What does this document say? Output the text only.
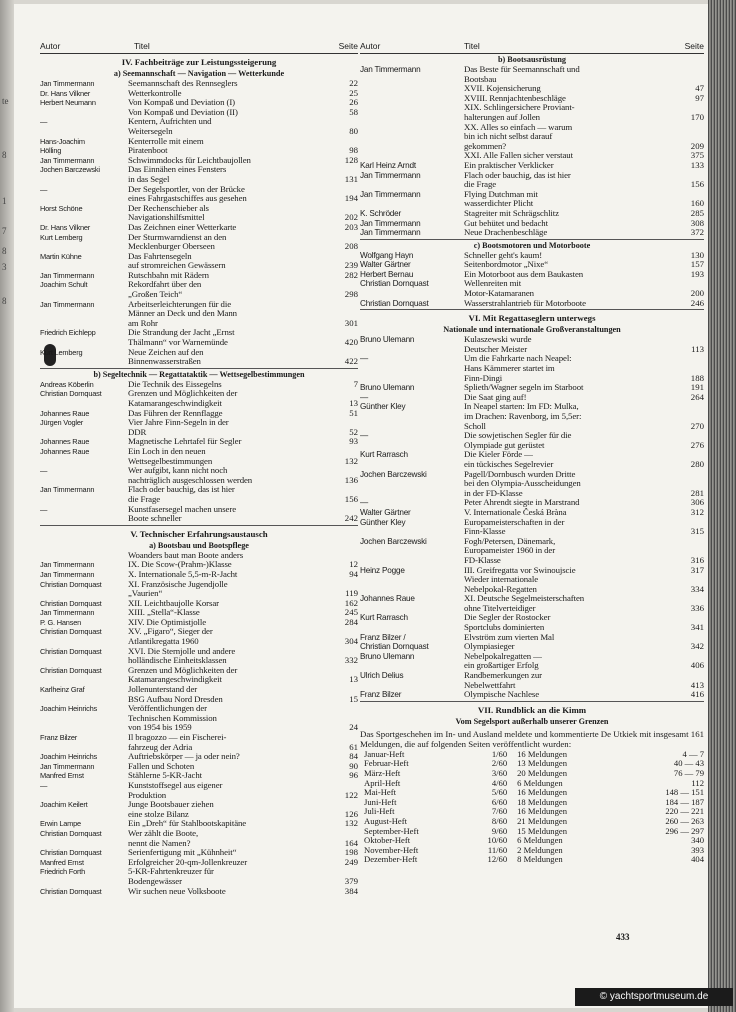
te
8
1
7
8
3
8
Autor	Titel	Seite
IV. Fachbeiträge zur Leistungssteigerung
a) Seemannschaft — Navigation — Wetterkunde
Jan Timmermann	Seemannschaft des Rennseglers	22
Dr. Hans Vilkner	Wetterkontrolle	25
Herbert Neumann	Von Kompaß und Deviation (I)	26
Von Kompaß und Deviation (II)	58
—	Kentern, Aufrichten und
Weitersegeln	80
Hans-Joachim	Kenterrolle mit einem
Hölling	Piratenboot	98
Jan Timmermann	Schwimmdocks für Leichtbaujollen	128
Jochen Barczewski	Das Einnähen eines Fensters
in das Segel	131
—	Der Segelsportler, von der Brücke
eines Fahrgastschiffes aus gesehen	194
Horst Schöne	Der Rechenschieber als
Navigationshilfsmittel	202
Dr. Hans Vilkner	Das Zeichnen einer Wetterkarte	203
Kurt Lemberg	Der Sturmwarndienst an den
Mecklenburger Oberseen	208
Martin Kühne	Das Fahrtensegeln
auf stromreichen Gewässern	239
Jan Timmermann	Rutschbahn mit Rädern	282
Joachim Schult	Rekordfahrt über den
„Großen Teich“	298
Jan Timmermann	Arbeitserleichterungen für die
Männer an Deck und den Mann
am Rohr	301
Friedrich Eichlepp	Die Strandung der Jacht „Ernst
Thälmann“ vor Warnemünde	420
Kurt Lemberg	Neue Zeichen auf den
Binnenwasserstraßen	422
b) Segeltechnik — Regattataktik — Wettsegelbestimmungen
Andreas Köberlin	Die Technik des Eissegelns	7
Christian Dornquast	Grenzen und Möglichkeiten der
Katamarangeschwindigkeit	13
Johannes Raue	Das Führen der Rennflagge	51
Jürgen Vogler	Vier Jahre Finn-Segeln in der
DDR	52
Johannes Raue	Magnetische Lehrtafel für Segler	93
Johannes Raue	Ein Loch in den neuen
Wettsegelbestimmungen	132
—	Wer aufgibt, kann nicht noch
nachträglich ausgeschlossen werden	136
Jan Timmermann	Flach oder bauchig, das ist hier
die Frage	156
—	Kunstfasersegel machen unsere
Boote schneller	242
V. Technischer Erfahrungsaustausch
a) Bootsbau und Bootspflege
Woanders baut man Boote anders
Jan Timmermann	IX. Die Scow-(Prahm-)Klasse	12
Jan Timmermann	X. Internationale 5,5-m-R-Jacht	94
Christian Dornquast	XI. Französische Jugendjolle
„Vaurien“	119
Christian Dornquast	XII. Leichtbaujolle Korsar	162
Jan Timmermann	XIII. „Stella“-Klasse	245
P. G. Hansen	XIV. Die Optimistjolle	284
Christian Dornquast	XV. „Figaro“, Sieger der
Atlantikregatta 1960	304
Christian Dornquast	XVI. Die Sternjolle und andere
holländische Einheitsklassen	332
Christian Dornquast	Grenzen und Möglichkeiten der
Katamarangeschwindigkeit	13
Karlheinz Graf	Jollenunterstand der
BSG Aufbau Nord Dresden	15
Joachim Heinrichs	Veröffentlichungen der
Technischen Kommission
von 1954 bis 1959	24
Franz Bilzer	Il bragozzo — ein Fischerei-
fahrzeug der Adria	61
Joachim Heinrichs	Auftriebskörper — ja oder nein?	84
Jan Timmermann	Fallen und Schoten	90
Manfred Ernst	Stählerne 5-KR-Jacht	96
—	Kunststoffsegel aus eigener
Produktion	122
Joachim Keilert	Junge Bootsbauer ziehen
eine stolze Bilanz	126
Erwin Lampe	Ein „Dreh“ für Stahlbootskapitäne	132
Christian Dornquast	Wer zählt die Boote,
nennt die Namen?	164
Christian Dornquast	Serienfertigung mit „Kühnheit“	198
Manfred Ernst	Erfolgreicher 20-qm-Jollenkreuzer	249
Friedrich Forth	5-KR-Fahrtenkreuzer für
Bodengewässer	379
Christian Dornquast	Wir suchen neue Volksboote	384
Autor	Titel	Seite
b) Bootsausrüstung
Jan Timmermann	Das Beste für Seemannschaft und
Bootsbau
XVII. Kojensicherung	47
XVIII. Rennjachtenbeschläge	97
XIX. Schlingersichere Proviant-
halterungen auf Jollen	170
XX. Alles so einfach — warum
bin ich nicht selbst darauf
gekommen?	209
XXI. Alle Fallen sicher verstaut	375
Karl Heinz Arndt	Ein praktischer Verklicker	133
Jan Timmermann	Flach oder bauchig, das ist hier
die Frage	156
Jan Timmermann	Flying Dutchman mit
wasserdichter Plicht	160
K. Schröder	Stagreiter mit Schrägschlitz	285
Jan Timmermann	Gut behütet und bedacht	308
Jan Timmermann	Neue Drachenbeschläge	372
c) Bootsmotoren und Motorboote
Wolfgang Hayn	Schneller geht's kaum!	130
Walter Gärtner	Seitenbordmotor „Nixe“	157
Herbert Bernau	Ein Motorboot aus dem Baukasten	193
Christian Dornquast	Wellenreiten mit
Motor-Katamaranen	200
Christian Dornquast	Wasserstrahlantrieb für Motorboote	246
VI. Mit Regattaseglern unterwegs
Nationale und internationale Großveranstaltungen
Bruno Ulemann	Kulaszewski wurde
Deutscher Meister	113
—	Um die Fahrkarte nach Neapel:
Hans Kämmerer startet im
Finn-Dingi	188
Bruno Ulemann	Splieth/Wagner segeln im Starboot	191
—	Die Saat ging auf!	264
Günther Kley	In Neapel starten: Im FD: Mulka,
im Drachen: Ravenborg, im 5,5er:
Scholl	270
—	Die sowjetischen Segler für die
Olympiade gut gerüstet	276
Kurt Rarrasch	Die Kieler Förde —
ein tückisches Segelrevier	280
Jochen Barczewski	Pagell/Dornbusch wurden Dritte
bei den Olympia-Ausscheidungen
in der FD-Klasse	281
—	Peter Ahrendt siegte in Marstrand	306
Walter Gärtner	V. Internationale Česká Bràna	312
Günther Kley	Europameisterschaften in der
Finn-Klasse	315
Jochen Barczewski	Fogh/Petersen, Dänemark,
Europameister 1960 in der
FD-Klasse	316
Heinz Pogge	III. Greifregatta vor Swinoujscie	317
Wieder internationale
Nebelpokal-Regatten	334
Johannes Raue	XI. Deutsche Segelmeisterschaften
ohne Titelverteidiger	336
Kurt Rarrasch	Die Segler der Rostocker
Sportclubs dominierten	341
Franz Bilzer /	Elvström zum vierten Mal
Christian Dornquast	Olympiasieger	342
Bruno Ulemann	Nebelpokalregatten —
ein großartiger Erfolg	406
Ulrich Delius	Randbemerkungen zur
Nebelwettfahrt	413
Franz Bilzer	Olympische Nachlese	416
VII. Rundblick an die Kimm
Vom Segelsport außerhalb unserer Grenzen
Das Sportgeschehen im In- und Ausland meldete und kommentierte De Utkiek mit insgesamt 161 Meldungen, die auf folgenden Seiten veröffentlicht wurden:
Januar-Heft	1/60	16 Meldungen	4 — 7
Februar-Heft	2/60	13 Meldungen	40 — 43
März-Heft	3/60	20 Meldungen	76 — 79
April-Heft	4/60	6 Meldungen	112
Mai-Heft	5/60	16 Meldungen	148 — 151
Juni-Heft	6/60	18 Meldungen	184 — 187
Juli-Heft	7/60	16 Meldungen	220 — 221
August-Heft	8/60	21 Meldungen	260 — 263
September-Heft	9/60	15 Meldungen	296 — 297
Oktober-Heft	10/60	6 Meldungen	340
November-Heft	11/60	2 Meldungen	393
Dezember-Heft	12/60	8 Meldungen	404
433
© yachtsportmuseum.de
